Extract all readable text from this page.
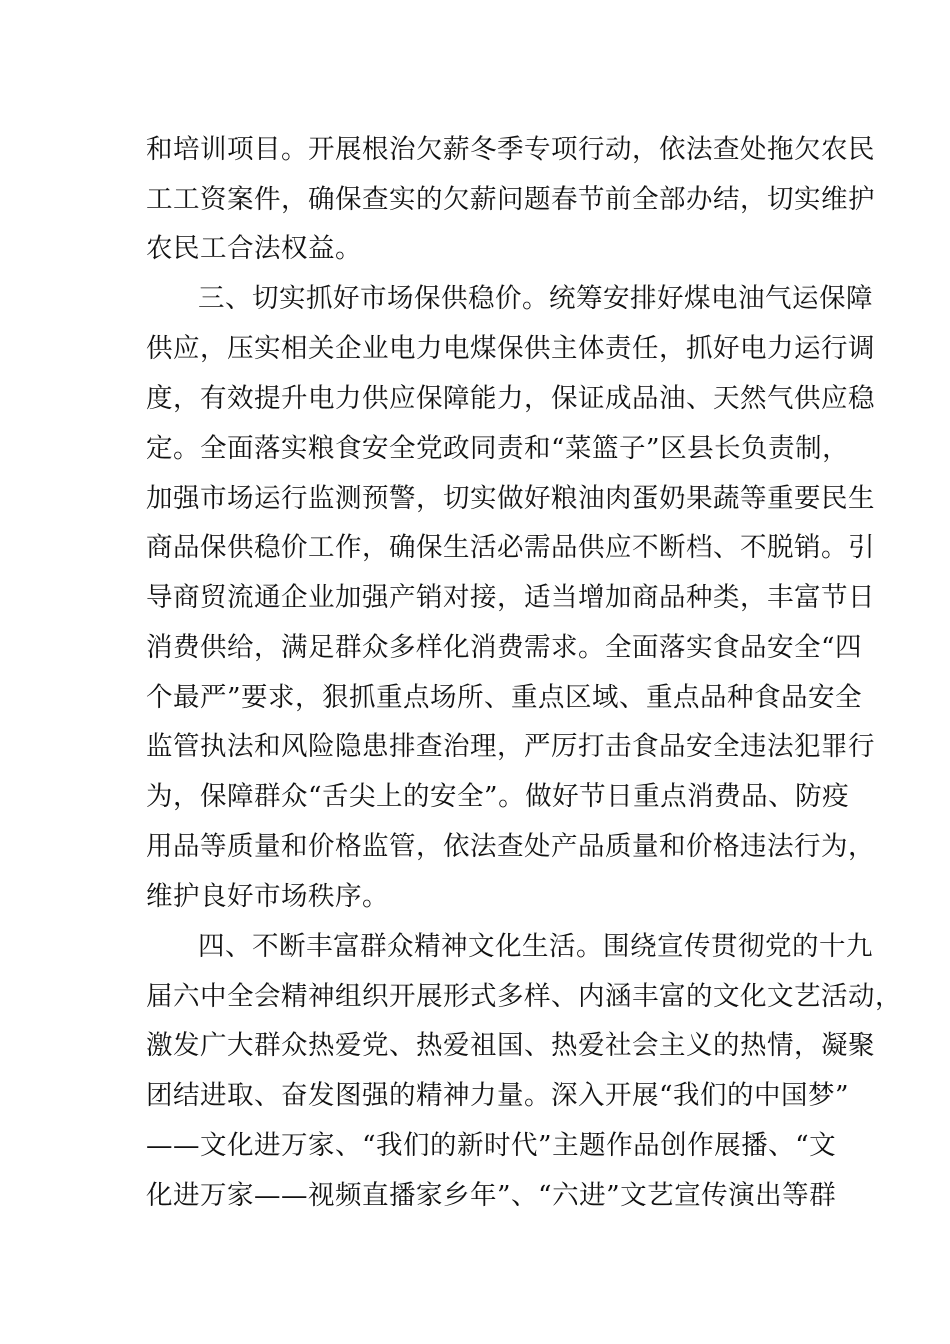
和培训项目。开展根治欠薪冬季专项行动，依法查处拖欠农民
工工资案件，确保查实的欠薪问题春节前全部办结，切实维护
农民工合法权益。
三、切实抓好市场保供稳价。统筹安排好煤电油气运保障
供应，压实相关企业电力电煤保供主体责任，抓好电力运行调
度，有效提升电力供应保障能力，保证成品油、天然气供应稳
定。全面落实粮食安全党政同责和“菜篮子”区县长负责制，
加强市场运行监测预警，切实做好粮油肉蛋奶果蔬等重要民生
商品保供稳价工作，确保生活必需品供应不断档、不脱销。引
导商贸流通企业加强产销对接，适当增加商品种类，丰富节日
消费供给，满足群众多样化消费需求。全面落实食品安全“四
个最严”要求，狠抓重点场所、重点区域、重点品种食品安全
监管执法和风险隐患排查治理，严厉打击食品安全违法犯罪行
为，保障群众“舌尖上的安全”。做好节日重点消费品、防疫
用品等质量和价格监管，依法查处产品质量和价格违法行为，
维护良好市场秩序。
四、不断丰富群众精神文化生活。围绕宣传贯彻党的十九
届六中全会精神组织开展形式多样、内涵丰富的文化文艺活动，
激发广大群众热爱党、热爱祖国、热爱社会主义的热情，凝聚
团结进取、奋发图强的精神力量。深入开展“我们的中国梦”
——文化进万家、“我们的新时代”主题作品创作展播、“文
化进万家——视频直播家乡年”、“六进”文艺宣传演出等群
